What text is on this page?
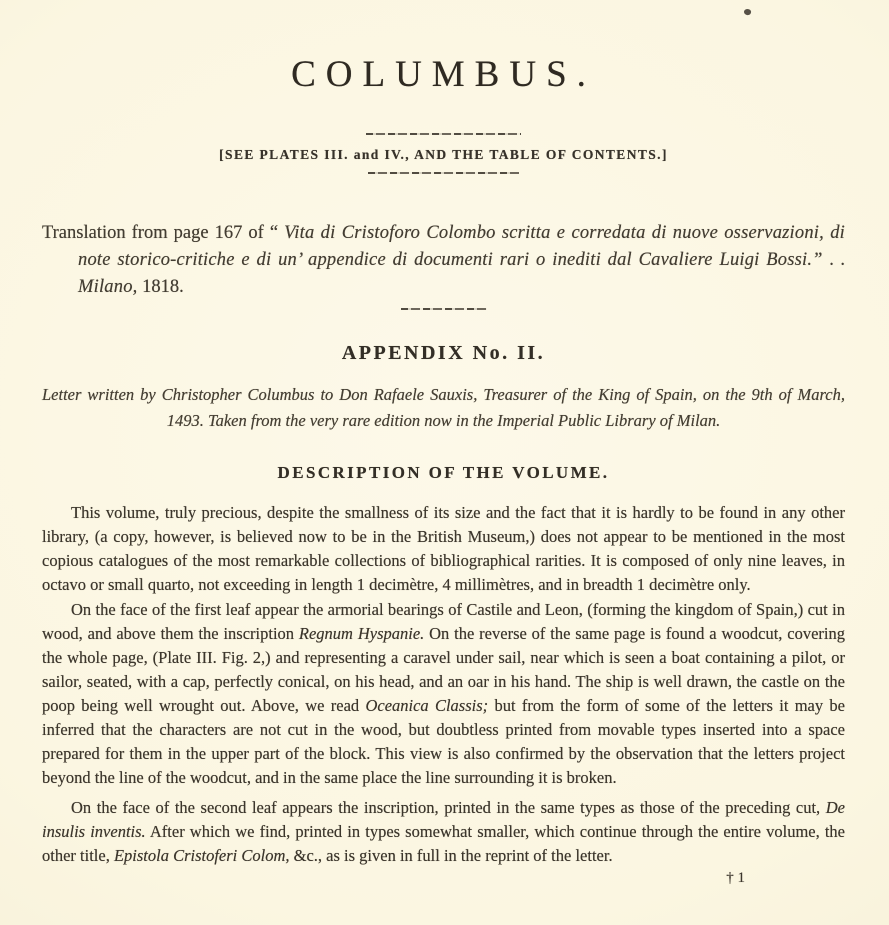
COLUMBUS.
[SEE PLATES III. and IV., AND THE TABLE OF CONTENTS.]
Translation from page 167 of “ Vita di Cristoforo Colombo scritta e corredata di nuove osservazioni, di note storico-critiche e di un’ appendice di documenti rari o inediti dal Cavaliere Luigi Bossi.” . .
Milano, 1818.
APPENDIX No. II.
Letter written by Christopher Columbus to Don Rafaele Sauxis, Treasurer of the King of Spain, on the 9th of March,
1493. Taken from the very rare edition now in the Imperial Public Library of Milan.
DESCRIPTION OF THE VOLUME.

This volume, truly precious, despite the smallness of its size and the fact that it is hardly to be found in any other library, (a copy, however, is believed now to be in the British Museum,) does not appear to be mentioned in the most copious catalogues of the most remarkable collections of bibliographical rarities. It is composed of only nine leaves, in octavo or small quarto, not exceeding in length 1 decimètre, 4 millimètres, and in breadth 1 decimètre only.

On the face of the first leaf appear the armorial bearings of Castile and Leon, (forming the kingdom of Spain,) cut in wood, and above them the inscription Regnum Hyspanie. On the reverse of the same page is found a woodcut, covering the whole page, (Plate III. Fig. 2,) and representing a caravel under sail, near which is seen a boat containing a pilot, or sailor, seated, with a cap, perfectly conical, on his head, and an oar in his hand. The ship is well drawn, the castle on the poop being well wrought out. Above, we read Oceanica Classis; but from the form of some of the letters it may be inferred that the characters are not cut in the wood, but doubtless printed from movable types inserted into a space prepared for them in the upper part of the block. This view is also confirmed by the observation that the letters project beyond the line of the woodcut, and in the same place the line surrounding it is broken.

On the face of the second leaf appears the inscription, printed in the same types as those of the preceding cut, De insulis inventis. After which we find, printed in types somewhat smaller, which continue through the entire volume, the other title, Epistola Cristoferi Colom, &c., as is given in full in the reprint of the letter.

† 1
